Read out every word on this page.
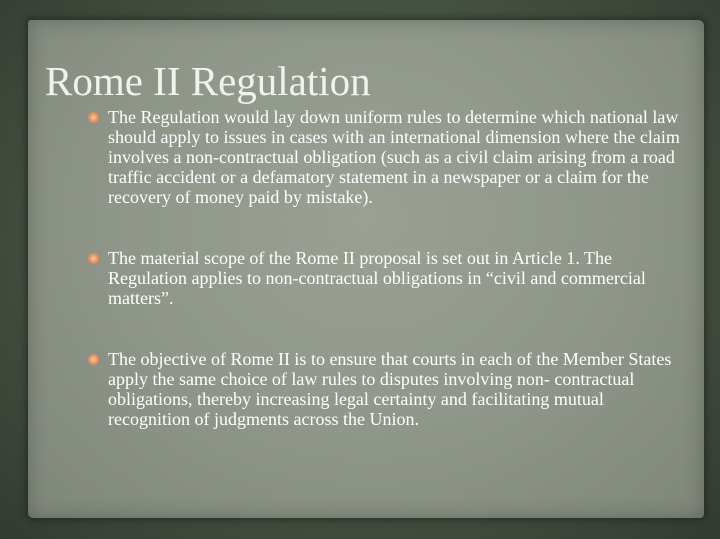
Rome II Regulation
The Regulation would lay down uniform rules to determine which national law should apply to issues in cases with an international dimension where the claim involves a non-contractual obligation (such as a civil claim arising from a road traffic accident or a defamatory statement in a newspaper or a claim for the recovery of money paid by mistake).
The material scope of the Rome II proposal is set out in Article 1. The Regulation applies to non-contractual obligations in “civil and commercial matters”.
The objective of Rome II is to ensure that courts in each of the Member States apply the same choice of law rules to disputes involving non- contractual obligations, thereby increasing legal certainty and facilitating mutual recognition of judgments across the Union.
